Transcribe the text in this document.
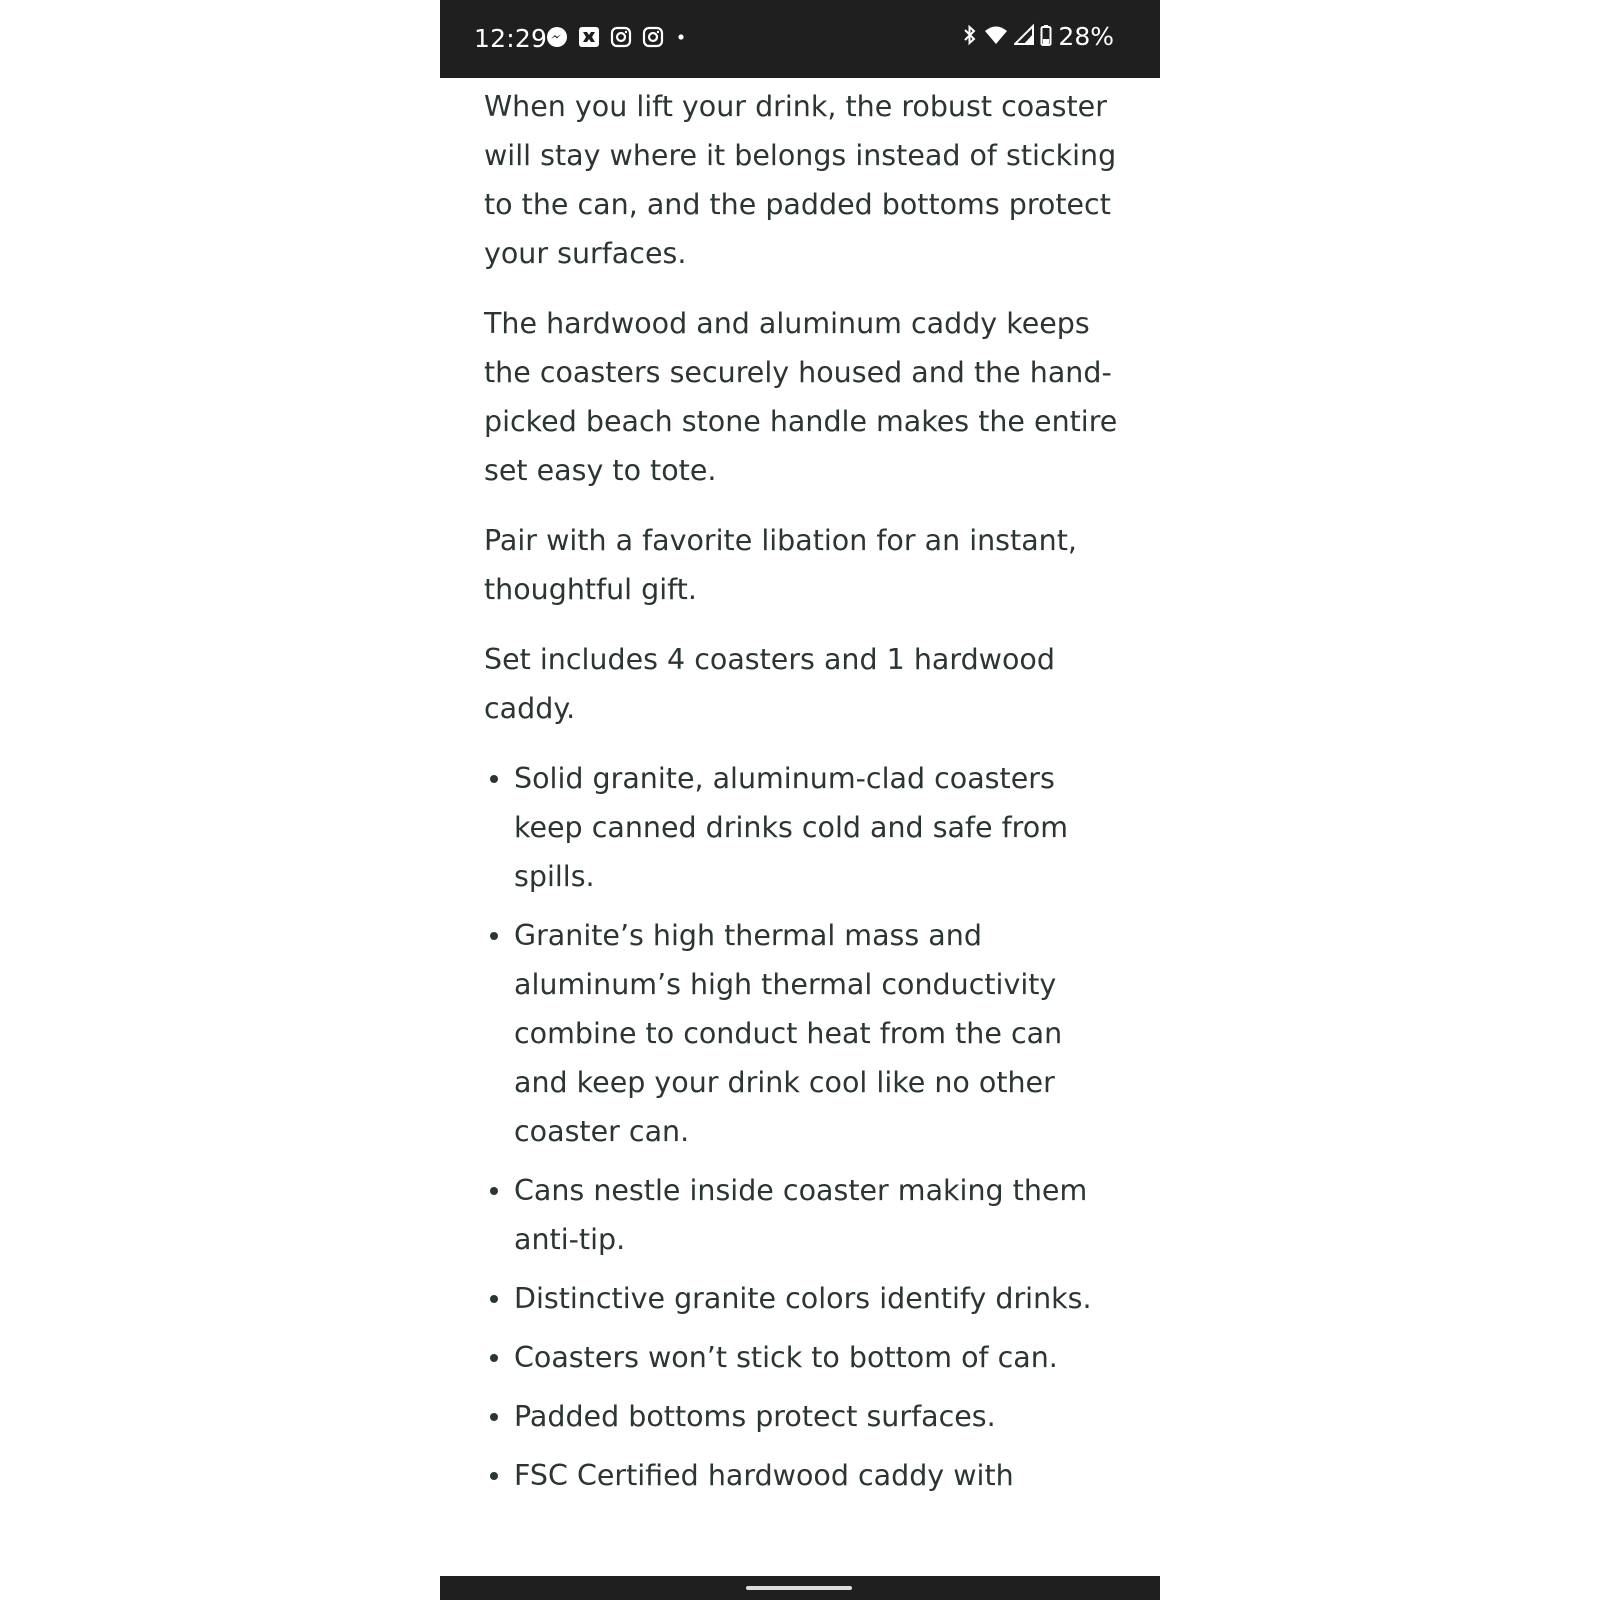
12:29	28%

When you lift your drink, the robust coaster will stay where it belongs instead of sticking to the can, and the padded bottoms protect your surfaces.

The hardwood and aluminum caddy keeps the coasters securely housed and the hand-picked beach stone handle makes the entire set easy to tote.

Pair with a favorite libation for an instant, thoughtful gift.

Set includes 4 coasters and 1 hardwood caddy.

Solid granite, aluminum-clad coasters keep canned drinks cold and safe from spills.
Granite’s high thermal mass and aluminum’s high thermal conductivity combine to conduct heat from the can and keep your drink cool like no other coaster can.
Cans nestle inside coaster making them anti-tip.
Distinctive granite colors identify drinks.
Coasters won’t stick to bottom of can.
Padded bottoms protect surfaces.
FSC Certified hardwood caddy with
